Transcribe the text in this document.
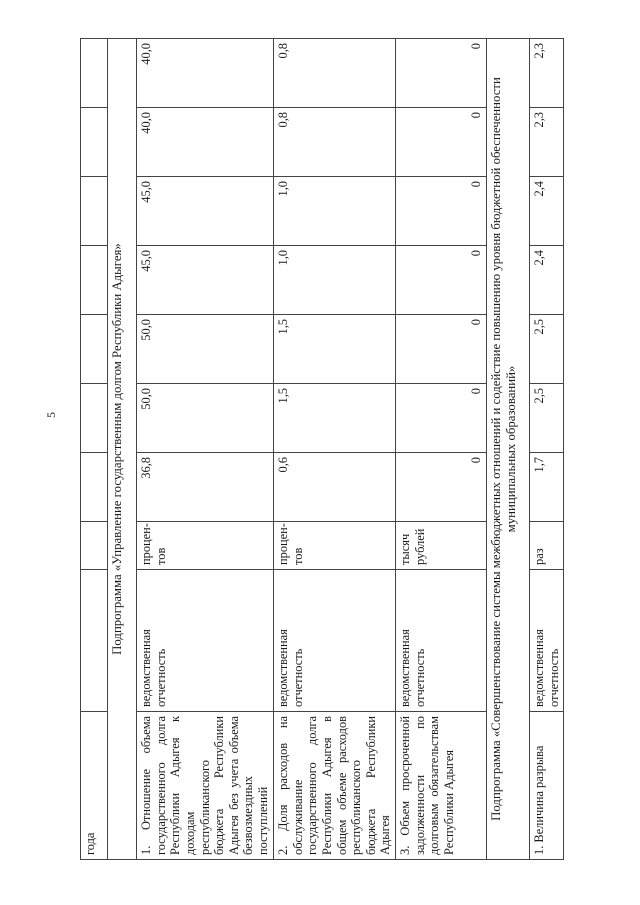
5
года									
Подпрограмма «Управление государственным долгом Республики Адыгея»									
1. Отношение объема государственного долга Республики Адыгея к доходам республиканского бюджета Республики Адыгея без учета объема безвозмездных поступлений	ведомственная отчетность	процен-тов	36,8	50,0	50,0	45,0	45,0	40,0	40,0
2. Доля расходов на обслуживание государственного долга Республики Адыгея в общем объеме расходов республиканского бюджета Республики Адыгея	ведомственная отчетность	процен-тов	0,6	1,5	1,5	1,0	1,0	0,8	0,8
3. Объем просроченной задолженности по долговым обязательствам Республики Адыгея	ведомственная отчетность	тысяч рублей	0	0	0	0	0	0	0
Подпрограмма «Совершенствование системы межбюджетных отношений и содействие повышению уровня бюджетной обеспеченности муниципальных образований»									
1. Величина разрыва	ведомственная отчетность	раз	1,7	2,5	2,5	2,4	2,4	2,3	2,3
